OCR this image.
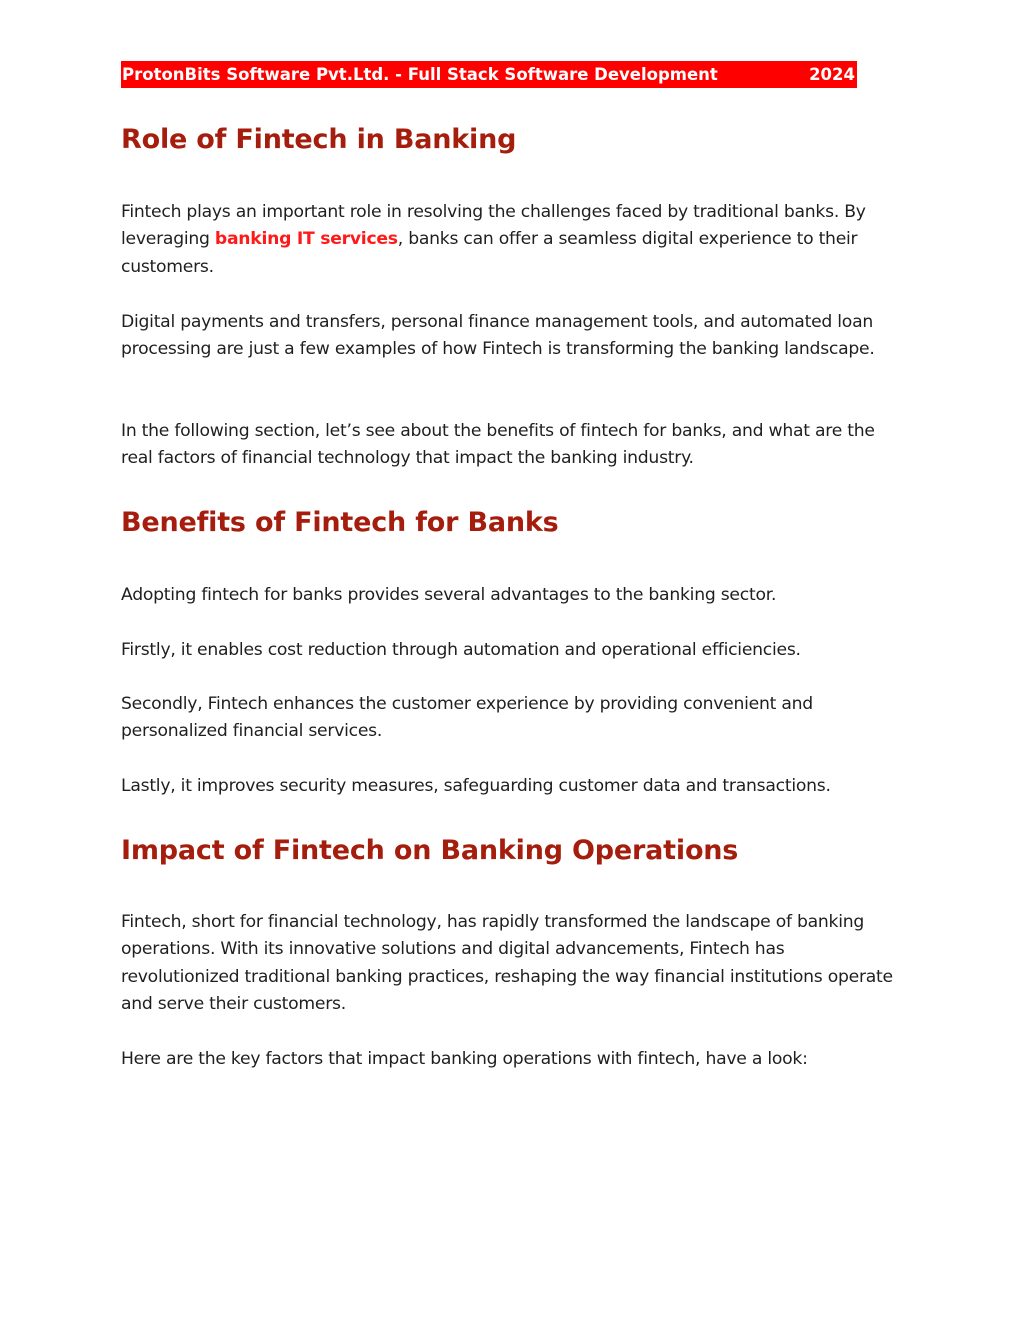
ProtonBits Software Pvt.Ltd. - Full Stack Software Development	2024
Role of Fintech in Banking

Fintech plays an important role in resolving the challenges faced by traditional banks. By leveraging banking IT services, banks can offer a seamless digital experience to their customers.

Digital payments and transfers, personal finance management tools, and automated loan processing are just a few examples of how Fintech is transforming the banking landscape.

In the following section, let’s see about the benefits of fintech for banks, and what are the real factors of financial technology that impact the banking industry.

Benefits of Fintech for Banks

Adopting fintech for banks provides several advantages to the banking sector.

Firstly, it enables cost reduction through automation and operational efficiencies.

Secondly, Fintech enhances the customer experience by providing convenient and personalized financial services.

Lastly, it improves security measures, safeguarding customer data and transactions.

Impact of Fintech on Banking Operations

Fintech, short for financial technology, has rapidly transformed the landscape of banking operations. With its innovative solutions and digital advancements, Fintech has revolutionized traditional banking practices, reshaping the way financial institutions operate and serve their customers.

Here are the key factors that impact banking operations with fintech, have a look:
